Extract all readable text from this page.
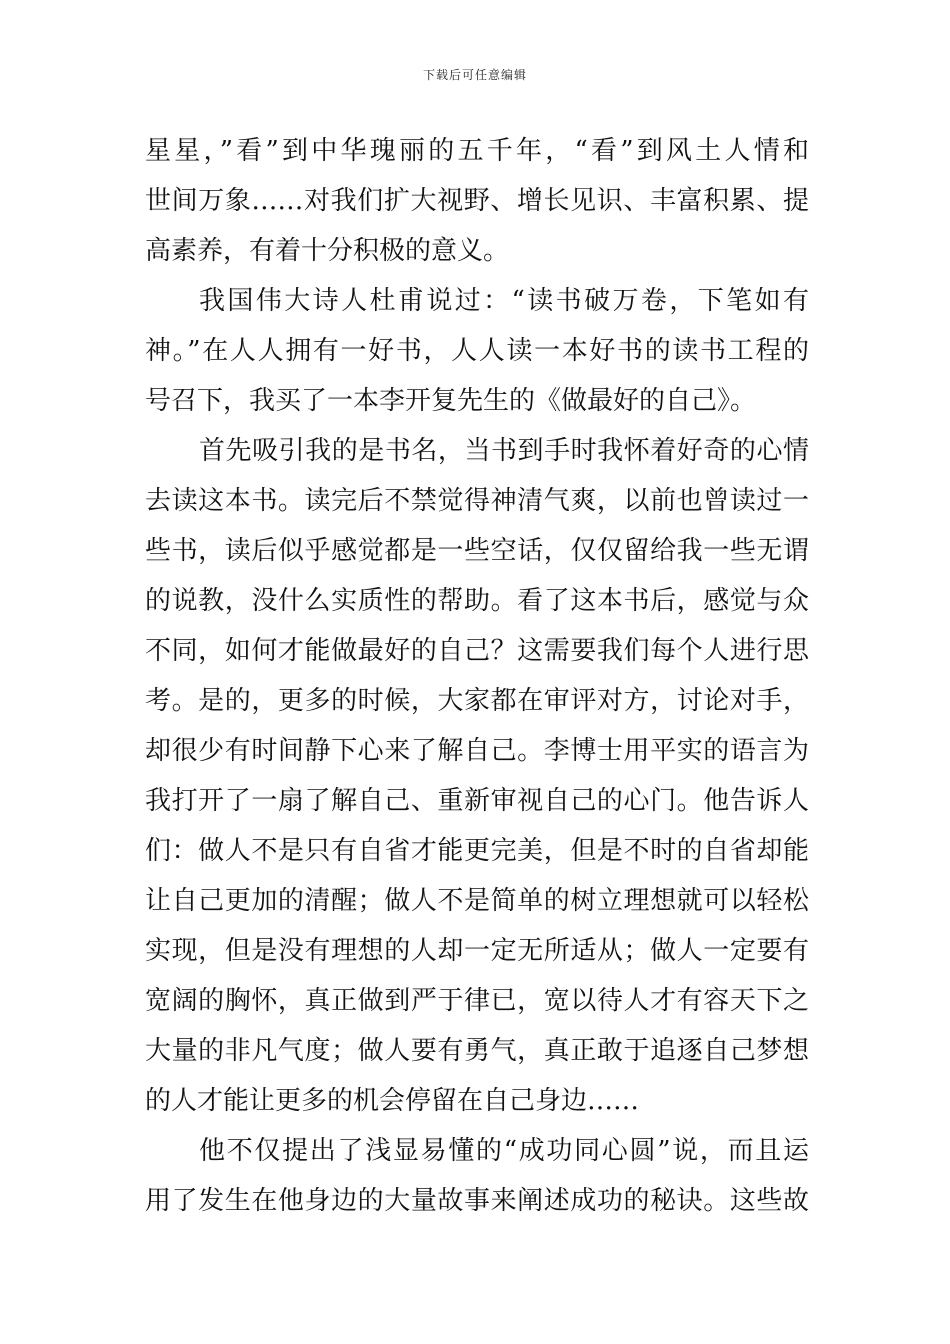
下载后可任意编辑
星星，”看”到中华瑰丽的五千年，“看”到风土人情和
世间万象……对我们扩大视野、增长见识、丰富积累、提
高素养，有着十分积极的意义。
我国伟大诗人杜甫说过：“读书破万卷，下笔如有
神。”在人人拥有一好书，人人读一本好书的读书工程的
号召下，我买了一本李开复先生的《做最好的自己》。
首先吸引我的是书名，当书到手时我怀着好奇的心情
去读这本书。读完后不禁觉得神清气爽，以前也曾读过一
些书，读后似乎感觉都是一些空话，仅仅留给我一些无谓
的说教，没什么实质性的帮助。看了这本书后，感觉与众
不同，如何才能做最好的自己？这需要我们每个人进行思
考。是的，更多的时候，大家都在审评对方，讨论对手，
却很少有时间静下心来了解自己。李博士用平实的语言为
我打开了一扇了解自己、重新审视自己的心门。他告诉人
们：做人不是只有自省才能更完美，但是不时的自省却能
让自己更加的清醒；做人不是简单的树立理想就可以轻松
实现，但是没有理想的人却一定无所适从；做人一定要有
宽阔的胸怀，真正做到严于律已，宽以待人才有容天下之
大量的非凡气度；做人要有勇气，真正敢于追逐自己梦想
的人才能让更多的机会停留在自己身边……
他不仅提出了浅显易懂的“成功同心圆”说，而且运
用了发生在他身边的大量故事来阐述成功的秘诀。这些故
